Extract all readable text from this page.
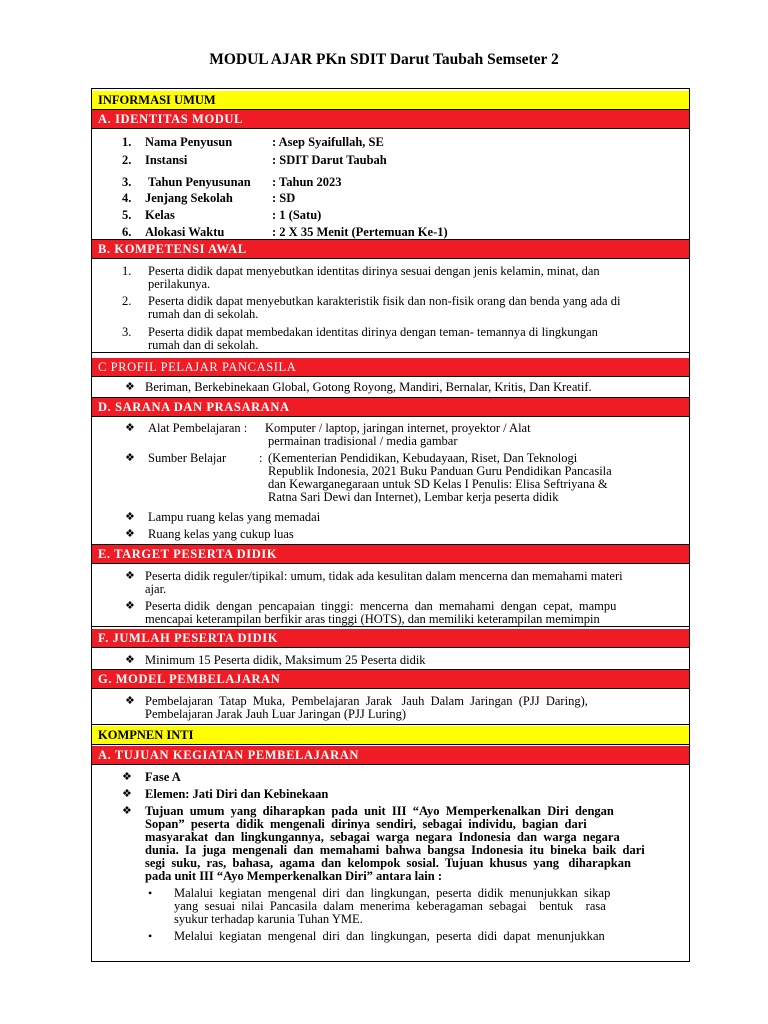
MODUL AJAR PKn SDIT Darut Taubah Semseter 2
INFORMASI UMUM
A. IDENTITAS MODUL
1. Nama Penyusun	: Asep Syaifullah, SE
2. Instansi	: SDIT Darut Taubah
3. Tahun Penyusunan : Tahun 2023
4. Jenjang Sekolah	: SD
5. Kelas	: 1 (Satu)
6. Alokasi Waktu	: 2 X 35 Menit (Pertemuan Ke-1)
B. KOMPETENSI AWAL
1. Peserta didik dapat menyebutkan identitas dirinya sesuai dengan jenis kelamin, minat, dan
perilakunya.
2. Peserta didik dapat menyebutkan karakteristik fisik dan non-fisik orang dan benda yang ada di
rumah dan di sekolah.
3. Peserta didik dapat membedakan identitas dirinya dengan teman- temannya di lingkungan
rumah dan di sekolah.
C PROFIL PELAJAR PANCASILA
❖ Beriman, Berkebinekaan Global, Gotong Royong, Mandiri, Bernalar, Kritis, Dan Kreatif.
D. SARANA DAN PRASARANA
❖ Alat Pembelajaran : Komputer / laptop, jaringan internet, proyektor / Alat
permainan tradisional / media gambar
❖ Sumber Belajar	: (Kementerian Pendidikan, Kebudayaan, Riset, Dan Teknologi
Republik Indonesia, 2021 Buku Panduan Guru Pendidikan Pancasila
dan Kewarganegaraan untuk SD Kelas I Penulis: Elisa Seftriyana &
Ratna Sari Dewi dan Internet), Lembar kerja peserta didik
❖ Lampu ruang kelas yang memadai
❖ Ruang kelas yang cukup luas
E. TARGET PESERTA DIDIK
❖ Peserta didik reguler/tipikal: umum, tidak ada kesulitan dalam mencerna dan memahami materi
ajar.
❖ Peserta didik  dengan  pencapaian  tinggi:  mencerna  dan  memahami  dengan  cepat,  mampu
mencapai keterampilan berfikir aras tinggi (HOTS), dan memiliki keterampilan memimpin
F. JUMLAH PESERTA DIDIK
❖ Minimum 15 Peserta didik, Maksimum 25 Peserta didik
G. MODEL PEMBELAJARAN
❖ Pembelajaran  Tatap  Muka,  Pembelajaran  Jarak   Jauh  Dalam  Jaringan  (PJJ  Daring),
Pembelajaran Jarak Jauh Luar Jaringan (PJJ Luring)
KOMPNEN INTI
A. TUJUAN KEGIATAN PEMBELAJARAN
❖ Fase A
❖ Elemen: Jati Diri dan Kebinekaan
❖ Tujuan  umum  yang  diharapkan  pada  unit  III  “Ayo  Memperkenalkan  Diri  dengan
Sopan”  peserta  didik  mengenali  dirinya  sendiri,  sebagai  individu,  bagian  dari
masyarakat  dan  lingkungannya,  sebagai  warga  negara  Indonesia  dan  warga  negara
dunia.  Ia  juga  mengenali  dan  memahami  bahwa  bangsa  Indonesia  itu  bineka  baik  dari
segi  suku,  ras,  bahasa,  agama  dan  kelompok  sosial.  Tujuan  khusus  yang   diharapkan
pada unit III “Ayo Memperkenalkan Diri” antara lain :
• Malalui  kegiatan  mengenal  diri  dan  lingkungan,  peserta  didik  menunjukkan  sikap
yang  sesuai  nilai  Pancasila  dalam  menerima  keberagaman  sebagai    bentuk    rasa
syukur terhadap karunia Tuhan YME.
• Melalui  kegiatan  mengenal  diri  dan  lingkungan,  peserta  didi  dapat  menunjukkan
